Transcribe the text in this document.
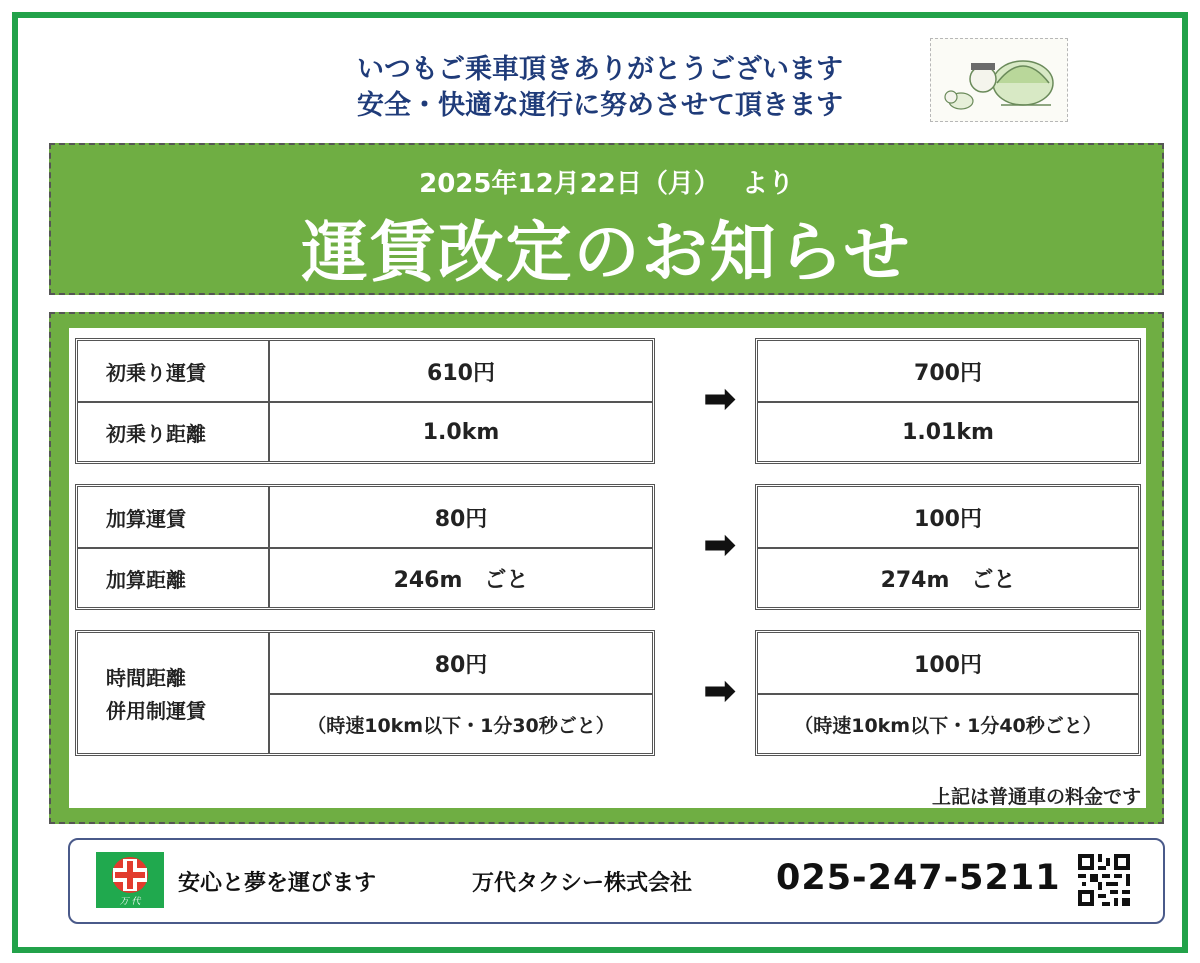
いつもご乗車頂きありがとうございます
安全・快適な運行に努めさせて頂きます
2025年12月22日（月）　 より
運賃改定のお知らせ
初乗り運賃
初乗り距離
610円
1.0km
➡
700円
1.01km
加算運賃
加算距離
80円
246m　ごと
➡
100円
274m　ごと
時間距離
併用制運賃
80円
（時速10km以下・1分30秒ごと）
➡
100円
（時速10km以下・1分40秒ごと）
上記は普通車の料金です
万 代
安心と夢を運びます	万代タクシー株式会社 025-247-5211
